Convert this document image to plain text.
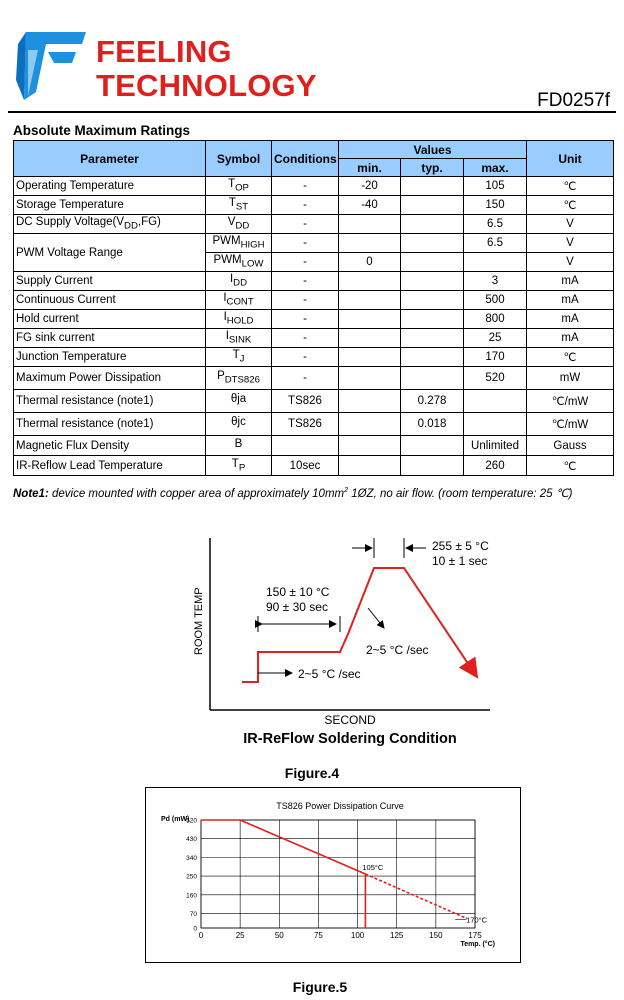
FEELING
TECHNOLOGY	FD0257f
Absolute Maximum Ratings
Parameter	Symbol	Conditions	Values			Unit
			min.	typ.	max.	
Operating Temperature	$T_{OP}$	-	-20		105	℃
Storage Temperature	$T_{ST}$	-	-40		150	℃
DC Supply $Voltage(V_{DD},FG)$	$V_{DD}$	-			6.5	V
PWM Voltage Range	$PWM_{HIGH}$	-			6.5	V
	$PWM_{LOW}$	-	0			V
Supply Current	$I_{DD}$	-			3	mA
Continuous Current	$I_{CONT}$	-			500	mA
Hold current	$I_{HOLD}$	-			800	mA
FG sink current	$I_{SINK}$	-			25	mA
Junction Temperature	$T_J$	-			170	℃
Maximum Power Dissipation	$P_{DTS826}$	-			520	mW
Thermal resistance (note1)	θja	TS826		0.278		℃/mW
Thermal resistance (note1)	θjc	TS826		0.018		℃/mW
Magnetic Flux Density	B				Unlimited	Gauss
IR-Reflow Lead Temperature	$T_P$	10sec			260	℃
Note1: device mounted with copper area of approximately $10mm^2$ 1ØZ, no air flow. (room temperature: 25 ℃)
ROOM TEMP
255 ± 5 °C
10 ± 1 sec
150 ± 10 °C
90 ± 30 sec
2~5 °C /sec
2~5 °C /sec
SECOND
IR-ReFlow Soldering Condition
Figure.4
TS826 Power Dissipation Curve
Pd (mW)
Temp. (°C)
0	25	50	75	100	125	150	175
0
70
160
250
340
430
520
105°C
170°C
Figure.5
